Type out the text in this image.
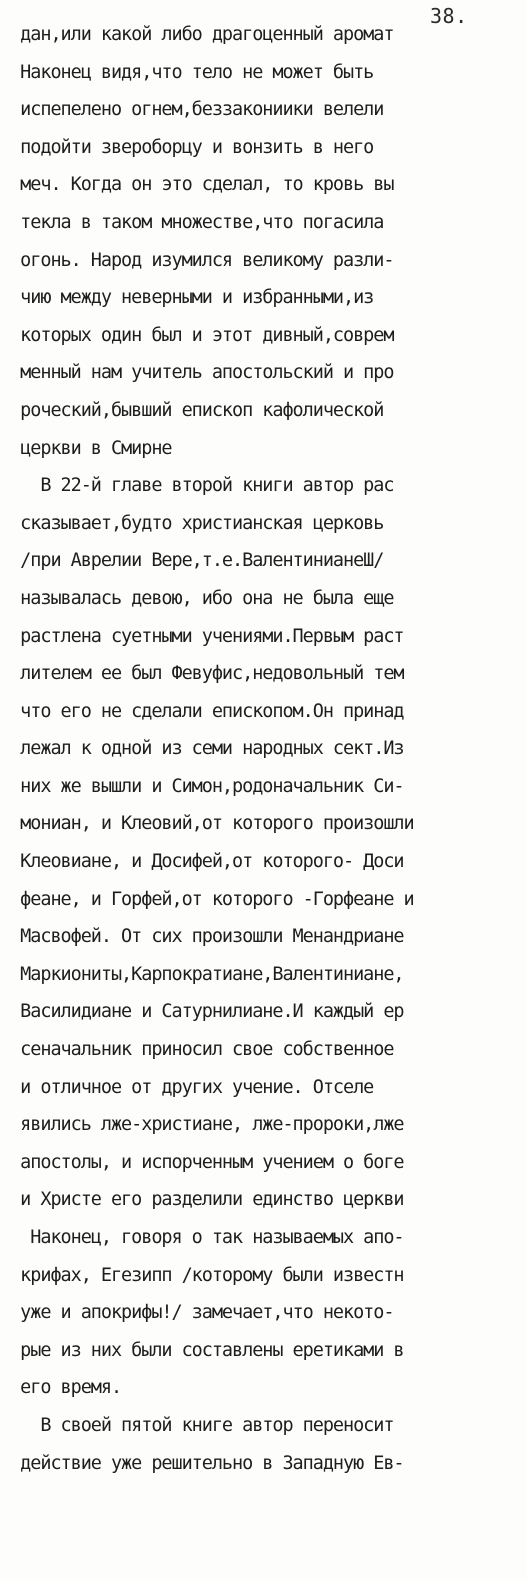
38.
дан,или какой либо драгоценный аромат
Наконец видя,что тело не может быть
испепелено огнем,беззакониики велели
подойти звероборцу и вонзить в него
меч. Когда он это сделал, то кровь вы
текла в таком множестве,что погасила
огонь. Народ изумился великому разли-
чию между неверными и избранными,из
которых один был и этот дивный,соврем
менный нам учитель апостольский и про
роческий,бывший епископ кафолической
церкви в Смирне
В 22-й главе второй книги автор рас
сказывает,будто христианская церковь
/при Аврелии Вере,т.е.ВалентинианеШ/
называлась девою, ибо она не была еще
растлена суетными учениями.Первым раст
лителем ее был Февуфис,недовольный тем
что его не сделали епископом.Он принад
лежал к одной из семи народных сект.Из
них же вышли и Симон,родоначальник Си-
мониан, и Клеовий,от которого произошли
Клеовиане, и Досифей,от которого- Доси
феане, и Горфей,от которого -Горфеане и
Масвофей. От сих произошли Менандриане
Маркиониты,Карпократиане,Валентиниане,
Василидиане и Сатурнилиане.И каждый ер
сеначальник приносил свое собственное
и отличное от других учение. Отселе
явились лже-христиане, лже-пророки,лже
апостолы, и испорченным учением о боге
и Христе его разделили единство церкви
Наконец, говоря о так называемых апо-
крифах, Егезипп /которому были известн
уже и апокрифы!/ замечает,что некото-
рые из них были составлены еретиками в
его время.
В своей пятой книге автор переносит
действие уже решительно в Западную Ев-
